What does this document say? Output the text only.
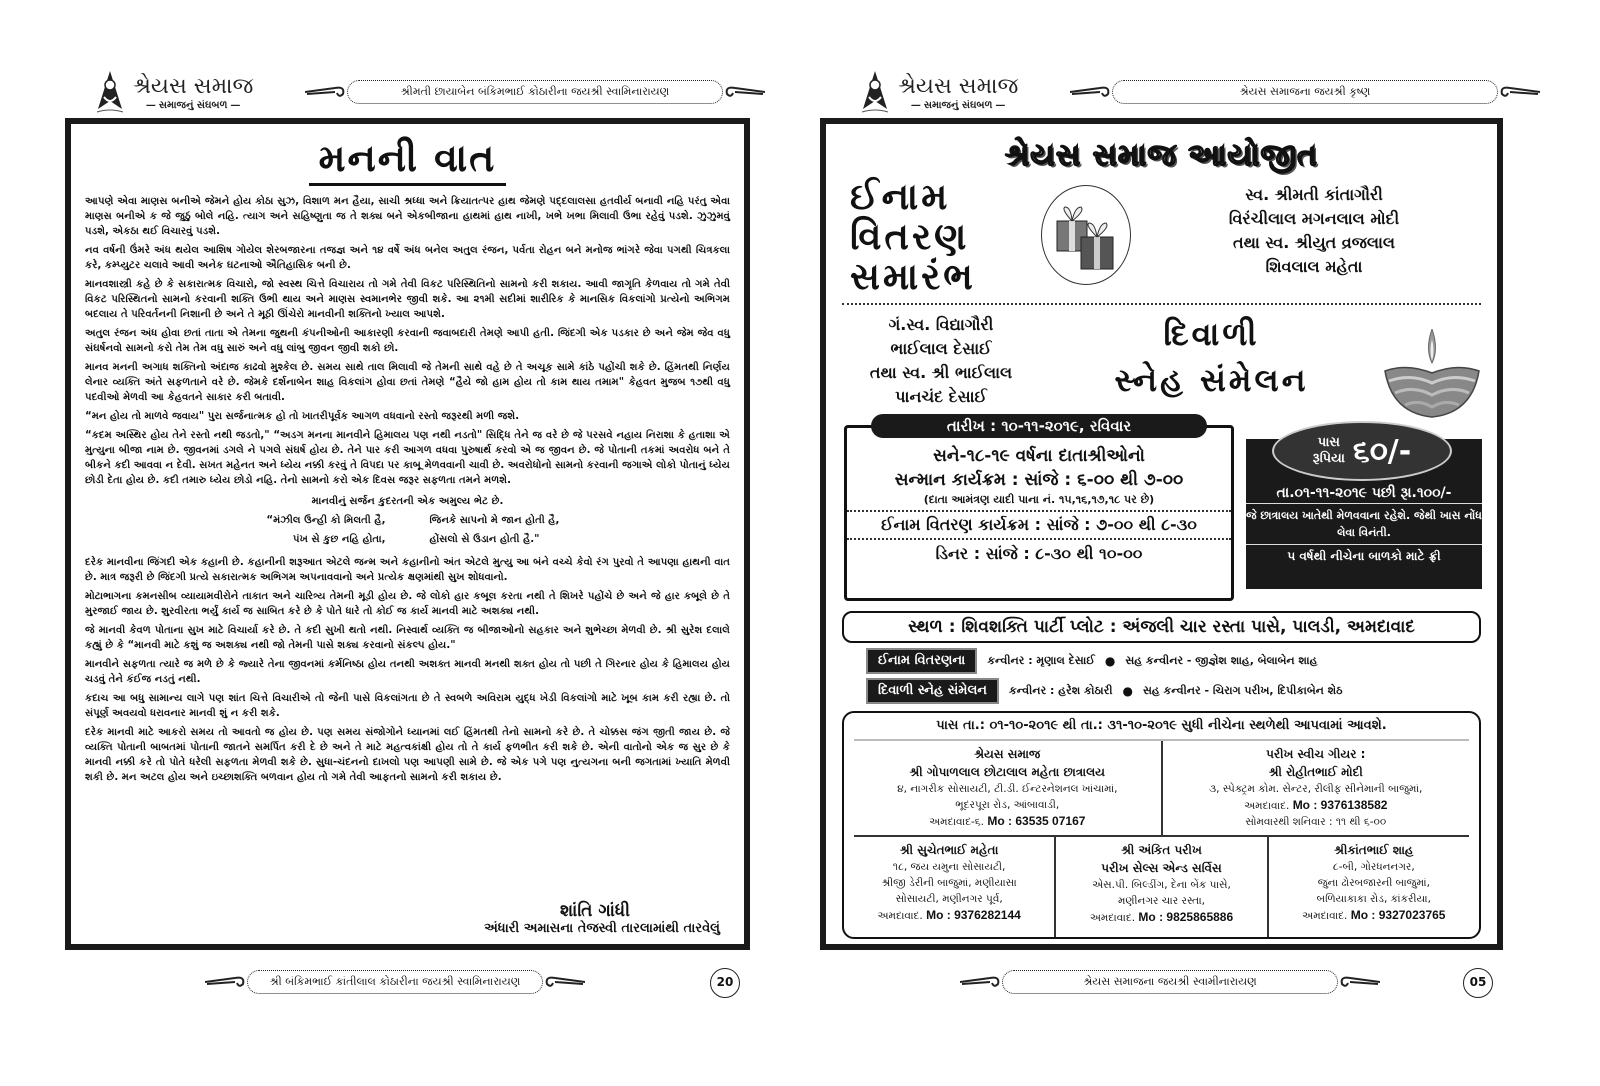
શ્રેયસ સમાજ
— સમાજનું સંઘબળ —
શ્રીમતી છાયાબેન બંકિમભાઈ કોઠારીના જયશ્રી સ્વામિનારાયણ
મનની વાત

આપણે એવા માણસ બનીએ જેમને હોય કોઠા સુઝ, વિશાળ મન હૈયા, સાચી શ્રધ્ધા અને ક્રિયાતત્પર હાથ જેમણે પદ્દલાલસા હતવીર્ય બનાવી નહિ પરંતુ એવા માણસ બનીએ ક જે જુઠું બોલે નહિ. ત્યાગ અને સહિષ્ણુતા જ તે શક્ય બને એકબીજાના હાથમાં હાથ નાખી, ખભે ખભા મિલાવી ઉભા રહેવું પડશે. ઝુઝુમવું પડશે, એકઠા થઈ વિચારવું પડશે.

નવ વર્ષની ઉંમરે અંધ થયેલ આશિષ ગોયેલ શેરબજારના તજજ્ઞ અને ૧૪ વર્ષે અંધ બનેલ અતુલ રંજન, પર્વતા રોહન બને મનોજ ભાંગરે જેવા પગથી ચિત્રકલા કરે, કમ્પ્યુટર ચલાવે આવી અનેક ઘટનાઓ ઐતિહાસિક બની છે.

માનવશાસ્ત્રી કહે છે કે સકારાત્મક વિચારો, જો સ્વસ્થ ચિત્તે વિચારાય તો ગમે તેવી વિકટ પરિસ્થિતિનો સામનો કરી શકાય. આવી જાગૃતિ કેળવાય તો ગમે તેવી વિકટ પરિસ્થિતનો સામનો કરવાની શક્તિ ઉભી થાય અને માણસ સ્વમાનભેર જીવી શકે. આ ૨૧મી સદીમાં શારીરિક કે માનસિક વિકલાંગો પ્રત્યેનો અભિગમ બદલાય તે પરિવર્તનની નિશાની છે અને તે મૂઠી ઊંચેરો માનવીની શક્તિનો ખ્યાલ આપશે.

અતુલ રંજન અંધ હોવા છતાં તાતા એ તેમના જુથની કંપનીઓની આકારણી કરવાની જવાબદારી તેમણે આપી હતી. જિંદગી એક પડકાર છે અને જેમ જેવ વધુ સંઘર્ષનવો સામનો કરો તેમ તેમ વધુ સારું અને વધુ લાંબુ જીવન જીવી શકો છો.

માનવ મનની અગાધ શક્તિનો અંદાજ કાઢવો મુશ્કેલ છે. સમય સાથે તાલ મિલાવી જે તેમની સાથે વહે છે તે અચૂક સામે કાંઠે પહોંચી શકે છે. હિંમતથી નિર્ણય લેનાર વ્યક્તિ અંતે સફળતાને વરે છે. જેમકે દર્શનાબેન શાહ વિકલાંગ હોવા છતાં તેમણે “હૈયે જો હામ હોય તો કામ થાય તમામ" કેહવત મુજબ ૧૭થી વધુ પદવીઓ મેળવી આ કેહવતને સાકાર કરી બતાવી.

“મન હોય તો માળવે જવાય" પુરા સર્જનાત્મક હો તો ખાતરીપૂર્વક આગળ વધવાનો રસ્તો જરૂરથી મળી જશે.

“કદમ અસ્થિર હોય તેને રસ્તો નથી જડતો," “અડગ મનના માનવીને હિમાલય પણ નથી નડતો" સિદ્ધિ તેને જ વરે છે જે પરસવે નહાય નિરાશા કે હતાશા એ મુત્યુના બીજા નામ છે. જીવનમાં ડગલે ને પગલે સંઘર્ષ હોય છે. તેને પાર કરી આગળ વધવા પુરુષાર્થ કરવો એ જ જીવન છે. જે પોતાની તકમાં અવરોધ બને તે બીકને કદી આવવા ન દેવી. સખત મહેનત અને ધ્યેય નક્કી કરવું તે વિપદા પર કાબૂ મેળવવાની ચાવી છે. અવરોધોનો સામનો કરવાની જગાએ લોકો પોતાનું ધ્યેય છોડી દેતા હોય છે. કદી તમારુ ધ્યેય છોડો નહિ. તેનો સામનો કરો એક દિવસ જરૂર સફળતા તમને મળશે.

માનવીનું સર્જન કુદરતની એક અમુલ્ય ભેટ છે.
“મંઝીલ ઉન્હી કો મિલતી હૈ,	જિનકે સાપનો મે જાન હોતી હૈ,
પંખ સે કુછ નહિ હોતા,	હોંસલો સે ઉડાન હોતી હૈ."

દરેક માનવીના જિંગદી એક કહાની છે. કહાનીની શરૂઆત એટલે જન્મ અને કહાનીનો અંત એટલે મુત્યુ આ બંને વચ્ચે કેવો રંગ પુરવો તે આપણા હાથની વાત છે. માત્ર જરૂરી છે જિંદગી પ્રત્યે સકારાત્મક અભિગમ અપનાવવાનો અને પ્રત્યેક ક્ષણમાંથી સુખ શોધવાનો.

મોટાભાગના કમનસીબ વ્યાયામવીરોને તાકાત અને ચારિત્ર્ય તેમની મૂડી હોય છે. જે લોકો હાર કબૂલ કરતા નથી તે શિખરે પહોંચે છે અને જે હાર કબૂલે છે તે મુરજાઈ જાય છે. શુરવીરતા ભર્યું કાર્ય જ સાબિત કરે છે કે પોતે ધારે તો કોઈ જ કાર્ય માનવી માટે અશક્ય નથી.

જે માનવી કેવળ પોતાના સુખ માટે વિચાર્યા કરે છે. તે કદી સુખી થતો નથી. નિસ્વાર્થ વ્યક્તિ જ બીજાઓનો સહકાર અને શુભેચ્છા મેળવી છે. શ્રી સુરેશ દલાલે કહ્યું છે કે “માનવી માટે કશું જ અશક્ય નથી જો તેમની પાસે શક્ય કરવાનો સંકલ્પ હોય."

માનવીને સફળતા ત્યારે જ મળે છે કે જ્યારે તેના જીવનમાં કર્મનિષ્ઠા હોય તનથી અશક્ત માનવી મનથી શક્ત હોય તો પછી તે ગિરનાર હોય કે હિમાલય હોય ચડવું તેને કંઈજ નડતું નથી.

કદાચ આ બધુ સામાન્ય લાગે પણ શાંત ચિત્તે વિચારીએ તો જેની પાસે વિકલાંગતા છે તે સ્વબળે અવિરામ યુદ્ધ ખેડી વિકલાંગો માટે ખૂબ કામ કરી રહ્યા છે. તો સંપૂર્ણ અવયવો ધરાવનાર માનવી શું ન કરી શકે.

દરેક માનવી માટે આકરો સમય તો આવતો જ હોય છે. પણ સમય સંજોગોને ધ્યાનમાં લઈ હિંમતથી તેનો સામનો કરે છે. તે ચોક્કસ જંગ જીતી જાય છે. જે વ્યક્તિ પોતાની બાબતમાં પોતાની જાતને સમર્પિત કરી દે છે અને તે માટે મહત્વકાંક્ષી હોય તો તે કાર્ય ફળભીત કરી શકે છે. એની વાતોનો એક જ સુર છે કે માનવી નક્કી કરે તો પોતે ધરેલી સફળતા મેળવી શકે છે. સુધા-ચંદનનો દાખલો પણ આપણી સામે છે. જે એક પગે પણ નુત્યગના બની જગતામાં ખ્યાતિ મેળવી શકી છે. મન અટલ હોય અને ઇચ્છાશક્તિ બળવાન હોય તો ગમે તેવી આફતનો સામનો કરી શકાય છે.

શાંતિ ગાંધી
અંધારી અમાસના તેજસ્વી તારલામાંથી તારવેલું
શ્રી બંકિમભાઈ કાંતીલાલ કોઠારીના જયશ્રી સ્વામિનારાયણ	20
શ્રેયસ સમાજ
— સમાજનું સંઘબળ —
શ્રેયસ સમાજના જયશ્રી કૃષ્ણ
શ્રેયસ સમાજ આયોજીત
ઈનામ
વિતરણ
સમારંભ
સ્વ. શ્રીમતી કાંતાગૌરી
વિરંચીલાલ મગનલાલ મોદી
તથા સ્વ. શ્રીયુત વ્રજલાલ
શિવલાલ મહેતા
ગં.સ્વ. વિદ્યાગૌરી
ભાઈલાલ દેસાઈ
તથા સ્વ. શ્રી ભાઈલાલ
પાનચંદ દેસાઈ
દિવાળી
સ્નેહ સંમેલન
તારીખ : ૧૦-૧૧-૨૦૧૯, રવિવાર
સને-૧૮-૧૯ વર્ષના દાતાશ્રીઓનો
સન્માન કાર્યક્રમ : સાંજે : ૬-૦૦ થી ૭-૦૦
(દાતા આમંત્રણ યાદી પાના નં. ૧૫,૧૬,૧૭,૧૮ પર છે)
ઈનામ વિતરણ કાર્યક્રમ : સાંજે : ૭-૦૦ થી ૮-૩૦
ડિનર : સાંજે : ૮-૩૦ થી ૧૦-૦૦
પાસ
રૂપિયા ૬૦/-
તા.૦૧-૧૧-૨૦૧૯ પછી રૂા.૧૦૦/-
જે છાત્રાલય ખાતેથી મેળવવાના રહેશે. જેથી ખાસ નોંધ લેવા વિનંતી.
૫ વર્ષથી નીચેના બાળકો માટે ફ્રી
સ્થળ : શિવશક્તિ પાર્ટી પ્લોટ : અંજલી ચાર રસ્તા પાસે, પાલડી, અમદાવાદ
ઈનામ વિતરણના	કન્વીનર : મૃણાલ દેસાઈ ● સહ કન્વીનર - જીજ્ઞેશ શાહ, બેલાબેન શાહ
દિવાળી સ્નેહ સંમેલન	કન્વીનર : હરેશ કોઠારી ● સહ કન્વીનર - ચિરાગ પરીખ, દિપીકાબેન શેઠ
પાસ તા.: ૦૧-૧૦-૨૦૧૯ થી તા.: ૩૧-૧૦-૨૦૧૯ સુધી નીચેના સ્થળેથી આપવામાં આવશે.
શ્રેયસ સમાજ
શ્રી ગોપાળલાલ છોટાલાલ મહેતા છાત્રાલય
૪, નાગરીક સોસાયટી, ટી.ડી. ઈન્ટરનેશનલ ખાંચામાં,
ભૂદરપૂરા રોડ, આંબાવાડી,
અમદાવાદ-૬. Mo : 63535 07167
પરીખ સ્વીચ ગીયર :
શ્રી રોહીતભાઈ મોદી
૩, સ્પેક્ટ્રમ કોમ. સેન્ટર, રીલીફ સીનેમાની બાજુમાં,
અમદાવાદ. Mo : 9376138582
સોમવારથી શનિવાર : ૧૧ થી ૬-૦૦
શ્રી સુચેતભાઈ મહેતા
૧૮, જય યમુના સોસાયટી,
શ્રીજી ડેરીની બાજુમાં, મણીયાસા
સોસાયટી, મણીનગર પૂર્વ,
અમદાવાદ. Mo : 9376282144
શ્રી અંકિત પરીખ
પરીખ સેલ્સ એન્ડ સર્વિસ
એસ.પી. બિલ્ડીંગ, દેના બેંક પાસે,
મણીનગર ચાર રસ્તા,
અમદાવાદ. Mo : 9825865886
શ્રીકાંતભાઈ શાહ
૮-બી, ગોરધનનગર,
જુના ઢોરબજારની બાજુમાં,
બળિયાકાકા રોડ, કાંકરીયા,
અમદાવાદ. Mo : 9327023765
શ્રેયસ સમાજના જયશ્રી સ્વામીનારાયણ	05
